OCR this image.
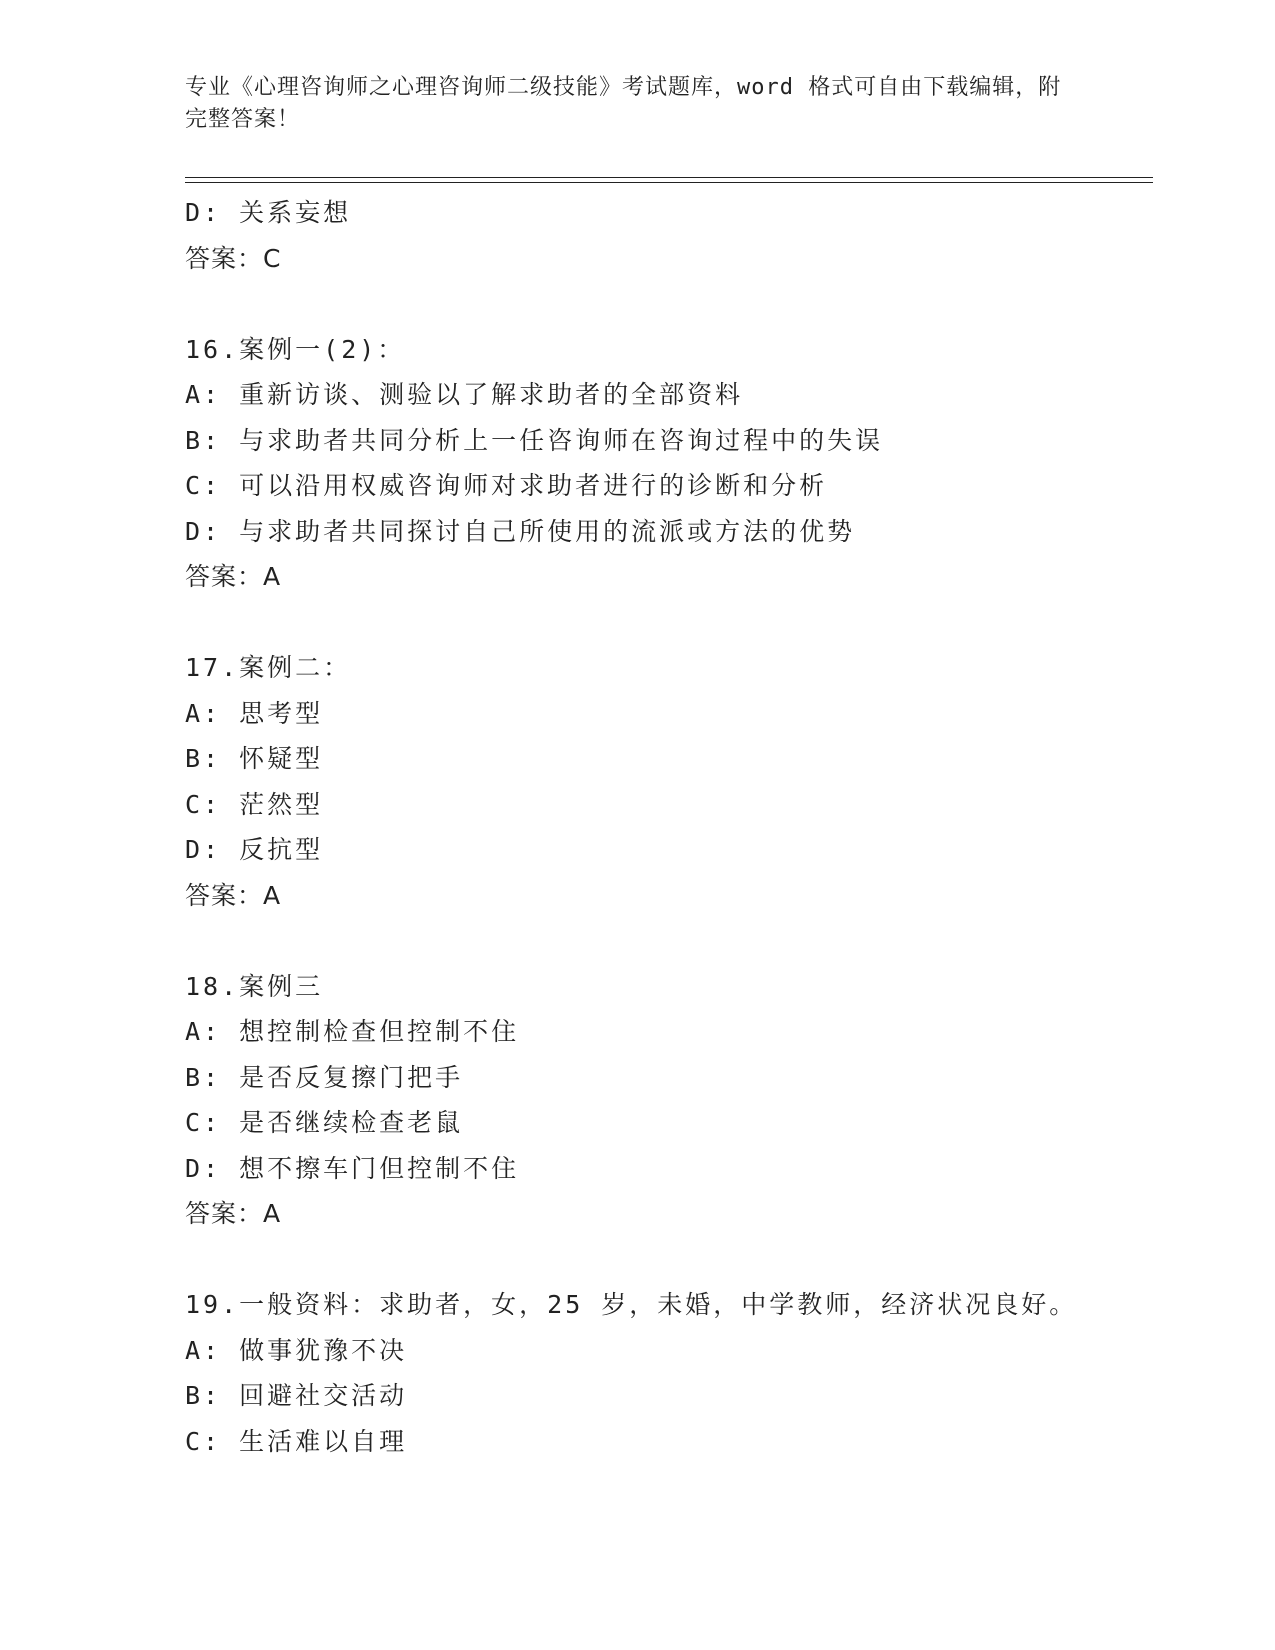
专业《心理咨询师之心理咨询师二级技能》考试题库，word 格式可自由下载编辑，附完整答案！
D: 关系妄想
答案：C
16.案例一(2)：
A: 重新访谈、测验以了解求助者的全部资料
B: 与求助者共同分析上一任咨询师在咨询过程中的失误
C: 可以沿用权威咨询师对求助者进行的诊断和分析
D: 与求助者共同探讨自己所使用的流派或方法的优势
答案：A
17.案例二：
A: 思考型
B: 怀疑型
C: 茫然型
D: 反抗型
答案：A
18.案例三
A: 想控制检查但控制不住
B: 是否反复擦门把手
C: 是否继续检查老鼠
D: 想不擦车门但控制不住
答案：A
19.一般资料：求助者，女，25 岁，未婚，中学教师，经济状况良好。
A: 做事犹豫不决
B: 回避社交活动
C: 生活难以自理
